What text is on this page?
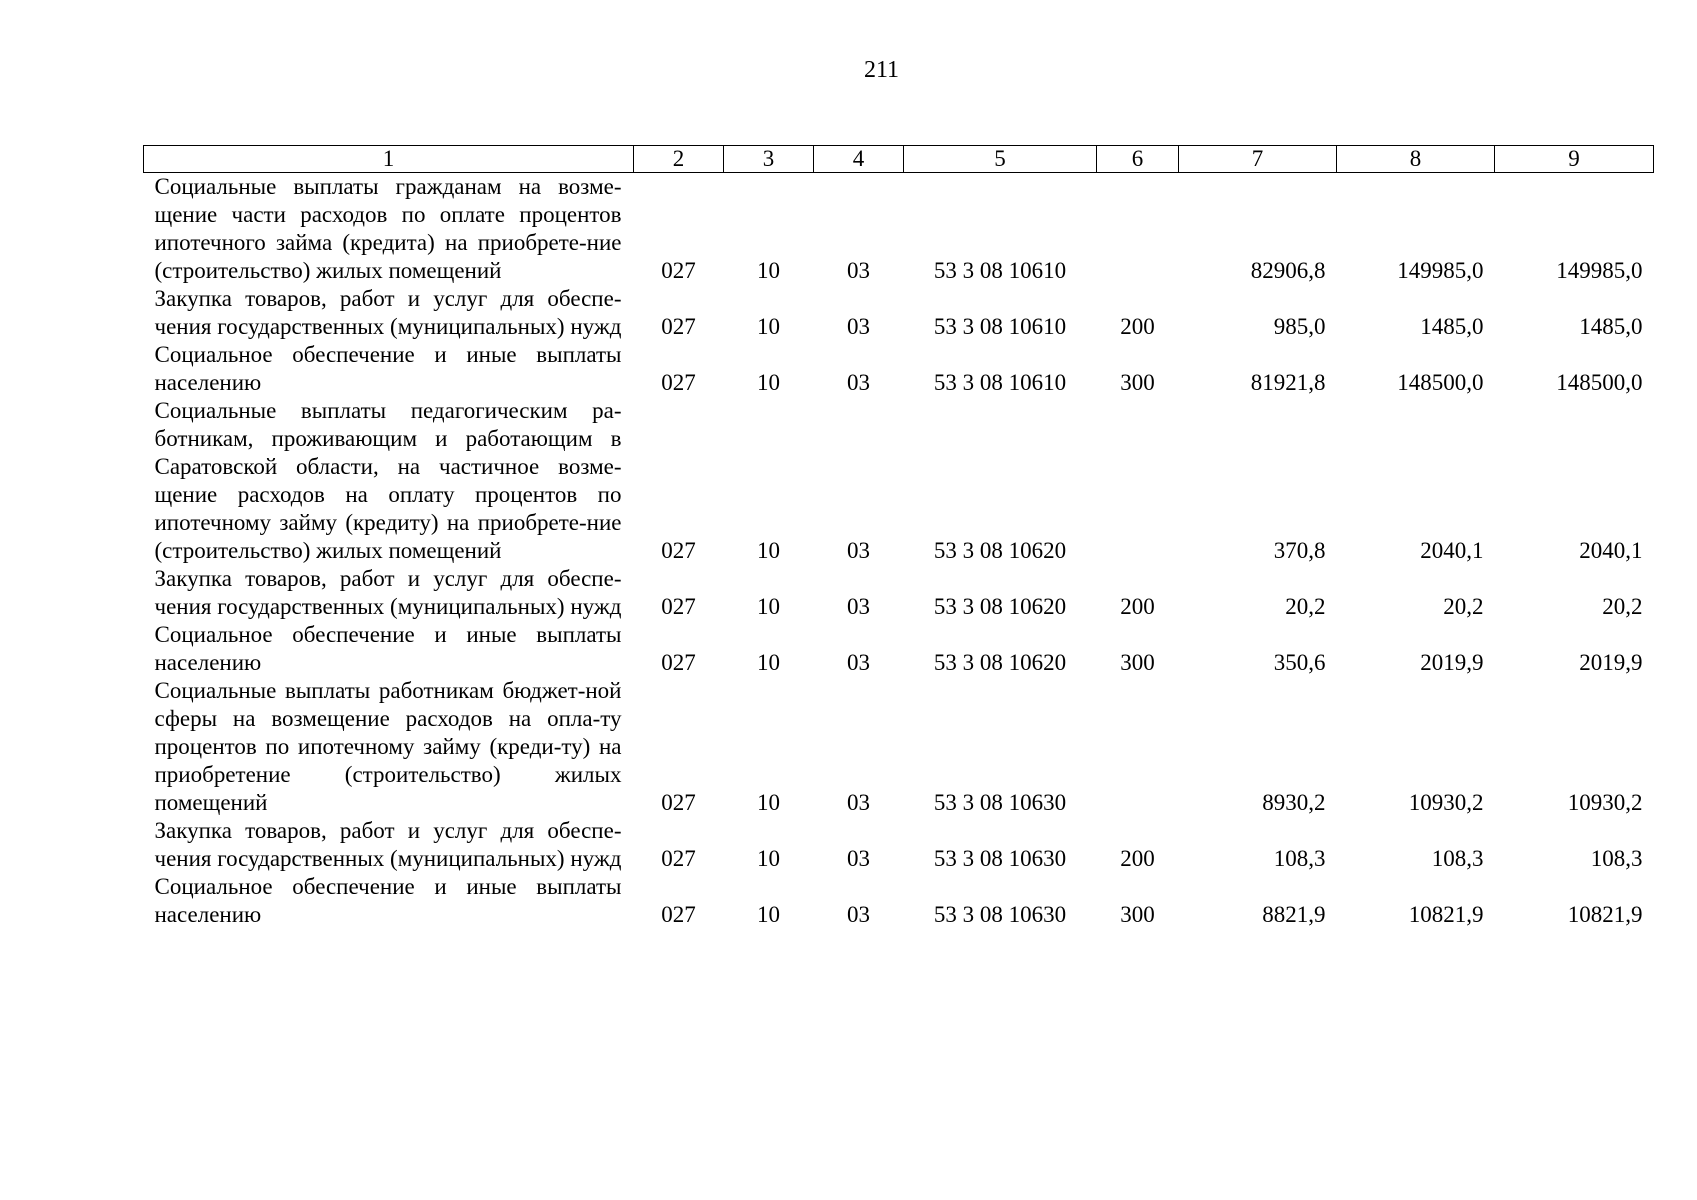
211
1	2	3	4	5	6	7	8	9
Социальные выплаты гражданам на возме-щение части расходов по оплате процентов ипотечного займа (кредита) на приобрете-ние (строительство) жилых помещений	027	10	03	53 3 08 10610		82906,8	149985,0	149985,0
Закупка товаров, работ и услуг для обеспе-чения государственных (муниципальных) нужд	027	10	03	53 3 08 10610	200	985,0	1485,0	1485,0
Социальное обеспечение и иные выплаты населению	027	10	03	53 3 08 10610	300	81921,8	148500,0	148500,0
Социальные выплаты педагогическим ра-ботникам, проживающим и работающим в Саратовской области, на частичное возме-щение расходов на оплату процентов по ипотечному займу (кредиту) на приобрете-ние (строительство) жилых помещений	027	10	03	53 3 08 10620		370,8	2040,1	2040,1
Закупка товаров, работ и услуг для обеспе-чения государственных (муниципальных) нужд	027	10	03	53 3 08 10620	200	20,2	20,2	20,2
Социальное обеспечение и иные выплаты населению	027	10	03	53 3 08 10620	300	350,6	2019,9	2019,9
Социальные выплаты работникам бюджет-ной сферы на возмещение расходов на опла-ту процентов по ипотечному займу (креди-ту) на приобретение (строительство) жилых помещений	027	10	03	53 3 08 10630		8930,2	10930,2	10930,2
Закупка товаров, работ и услуг для обеспе-чения государственных (муниципальных) нужд	027	10	03	53 3 08 10630	200	108,3	108,3	108,3
Социальное обеспечение и иные выплаты населению	027	10	03	53 3 08 10630	300	8821,9	10821,9	10821,9
